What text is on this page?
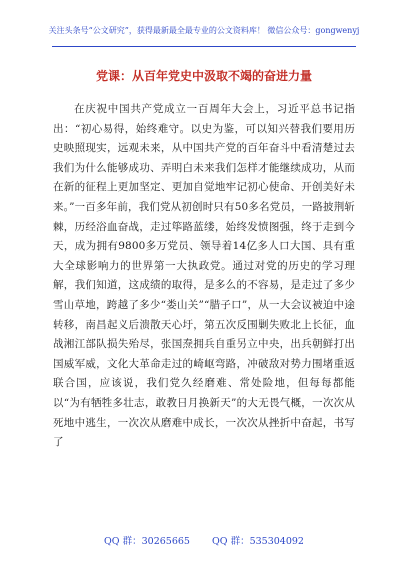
关注头条号“公文研究”，获得最新最全最专业的公文资料库！ 微信公众号：gongwenyj
党课：从百年党史中汲取不竭的奋进力量

在庆祝中国共产党成立一百周年大会上，习近平总书记指出：“初心易得，始终难守。以史为鉴，可以知兴替我们要用历史映照现实，远观未来，从中国共产党的百年奋斗中看清楚过去我们为什么能够成功、弄明白未来我们怎样才能继续成功，从而在新的征程上更加坚定、更加自觉地牢记初心使命、开创美好未来。”一百多年前，我们党从初创时只有50多名党员，一路披荆斩棘，历经浴血奋战，走过筚路蓝缕，始终发愤图强，终于走到今天，成为拥有9800多万党员、领导着14亿多人口大国、具有重大全球影响力的世界第一大执政党。通过对党的历史的学习理解，我们知道，这成绩的取得，是多么的不容易，是走过了多少雪山草地，跨越了多少“娄山关”“腊子口”，从一大会议被迫中途转移，南昌起义后溃散天心圩，第五次反围剿失败北上长征，血战湘江部队损失殆尽，张国焘拥兵自重另立中央，出兵朝鲜打出国威军威，文化大革命走过的崎岖弯路，冲破敌对势力围堵重返联合国，应该说，我们党久经磨难、常处险地，但每每都能以“为有牺牲多壮志，敢教日月换新天”的大无畏气概，一次次从死地中逃生，一次次从磨难中成长，一次次从挫折中奋起，书写了

QQ 群：30265665 QQ 群：535304092
